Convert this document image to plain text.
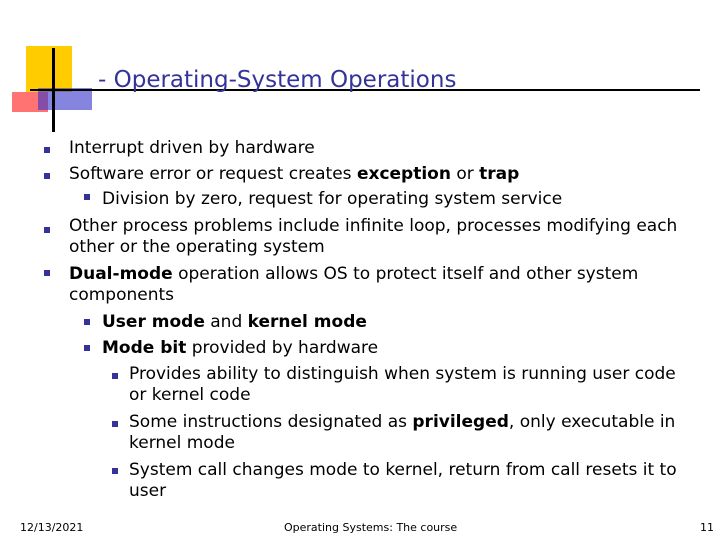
- Operating-System Operations
Interrupt driven by hardware
Software error or request creates exception or trap
Division by zero, request for operating system service
Other process problems include infinite loop, processes modifying each other or the operating system
Dual-mode operation allows OS to protect itself and other system components
User mode and kernel mode
Mode bit provided by hardware
Provides ability to distinguish when system is running user code or kernel code
Some instructions designated as privileged, only executable in kernel mode
System call changes mode to kernel, return from call resets it to user
12/13/2021	Operating Systems: The course	11
